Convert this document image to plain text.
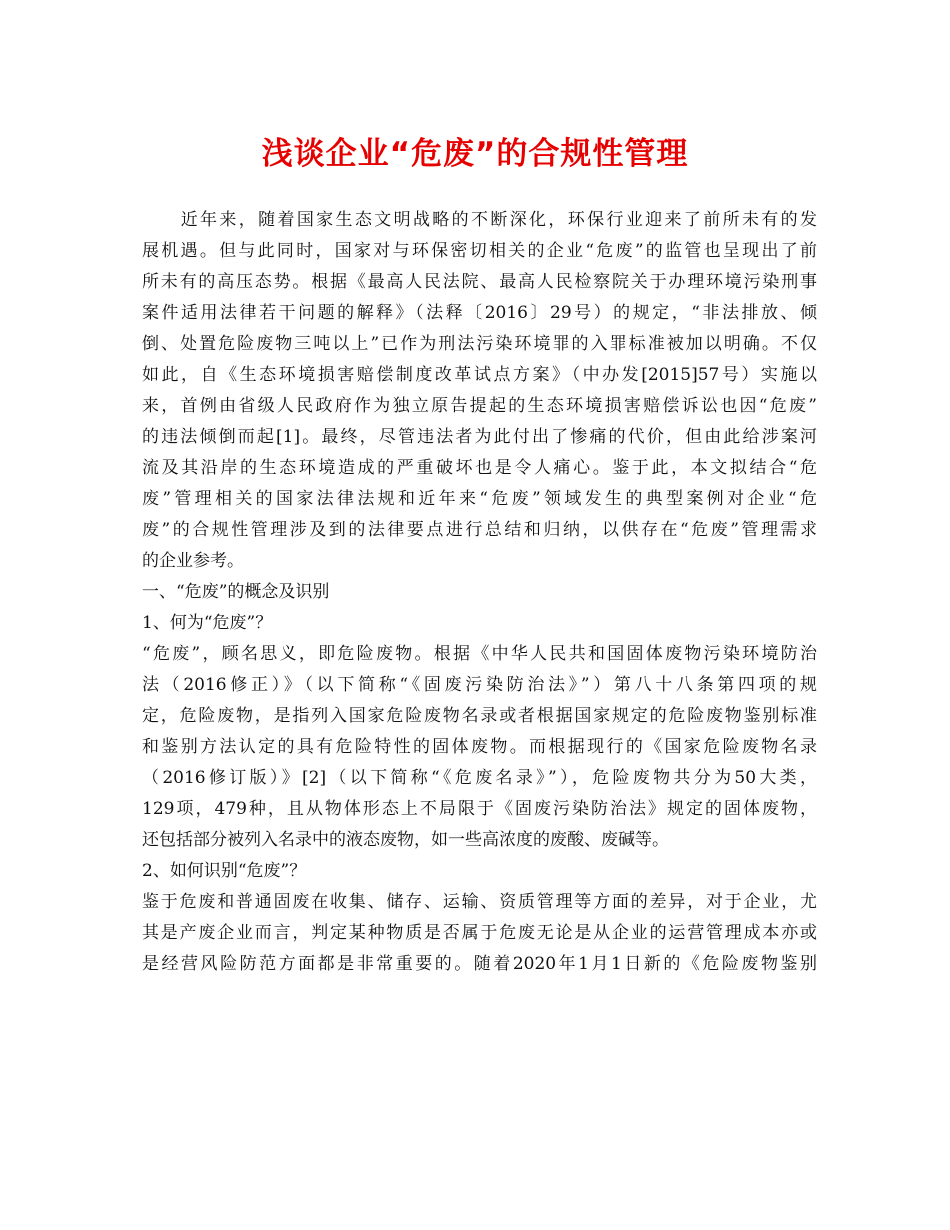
浅谈企业“危废”的合规性管理
　　近年来，随着国家生态文明战略的不断深化，环保行业迎来了前所未有的发
展机遇。但与此同时，国家对与环保密切相关的企业“危废”的监管也呈现出了前
所未有的高压态势。根据《最高人民法院、最高人民检察院关于办理环境污染刑事
案件适用法律若干问题的解释》（法释〔2016〕29号）的规定，“非法排放、倾
倒、处置危险废物三吨以上”已作为刑法污染环境罪的入罪标准被加以明确。不仅
如此，自《生态环境损害赔偿制度改革试点方案》（中办发[2015]57号）实施以
来，首例由省级人民政府作为独立原告提起的生态环境损害赔偿诉讼也因“危废”
的违法倾倒而起[1]。最终，尽管违法者为此付出了惨痛的代价，但由此给涉案河
流及其沿岸的生态环境造成的严重破坏也是令人痛心。鉴于此，本文拟结合“危
废”管理相关的国家法律法规和近年来“危废”领域发生的典型案例对企业“危
废”的合规性管理涉及到的法律要点进行总结和归纳，以供存在“危废”管理需求
的企业参考。
一、“危废”的概念及识别
1、何为“危废”？
“危废”，顾名思义，即危险废物。根据《中华人民共和国固体废物污染环境防治
法（2016修正）》（以下简称“《固废污染防治法》”）第八十八条第四项的规
定，危险废物，是指列入国家危险废物名录或者根据国家规定的危险废物鉴别标准
和鉴别方法认定的具有危险特性的固体废物。而根据现行的《国家危险废物名录
（2016修订版）》[2]（以下简称“《危废名录》”），危险废物共分为50大类，
129项，479种，且从物体形态上不局限于《固废污染防治法》规定的固体废物，
还包括部分被列入名录中的液态废物，如一些高浓度的废酸、废碱等。
2、如何识别“危废”？
鉴于危废和普通固废在收集、储存、运输、资质管理等方面的差异，对于企业，尤
其是产废企业而言，判定某种物质是否属于危废无论是从企业的运营管理成本亦或
是经营风险防范方面都是非常重要的。随着2020年1月1日新的《危险废物鉴别
